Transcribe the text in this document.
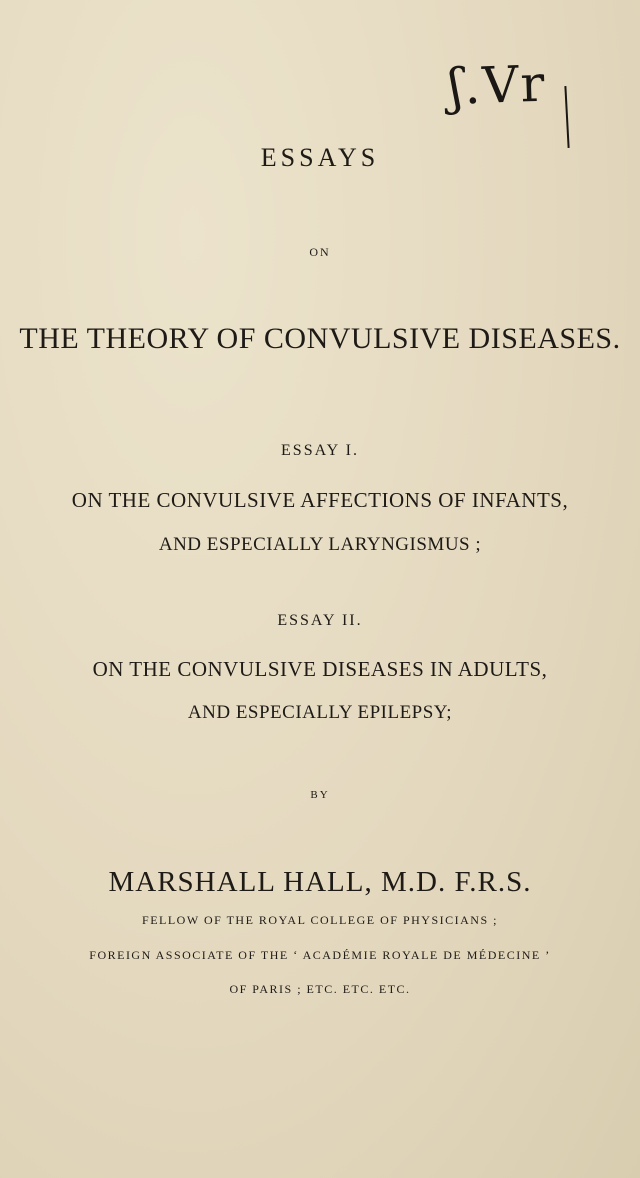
ʃ.Vr

ESSAYS

ON

THE THEORY OF CONVULSIVE DISEASES.

ESSAY I.

ON THE CONVULSIVE AFFECTIONS OF INFANTS,

AND ESPECIALLY LARYNGISMUS ;

ESSAY II.

ON THE CONVULSIVE DISEASES IN ADULTS,

AND ESPECIALLY EPILEPSY;

BY

MARSHALL HALL, M.D. F.R.S.

FELLOW OF THE ROYAL COLLEGE OF PHYSICIANS ;

FOREIGN ASSOCIATE OF THE ‘ ACADÉMIE ROYALE DE MÉDECINE ’

OF PARIS ; ETC. ETC. ETC.
